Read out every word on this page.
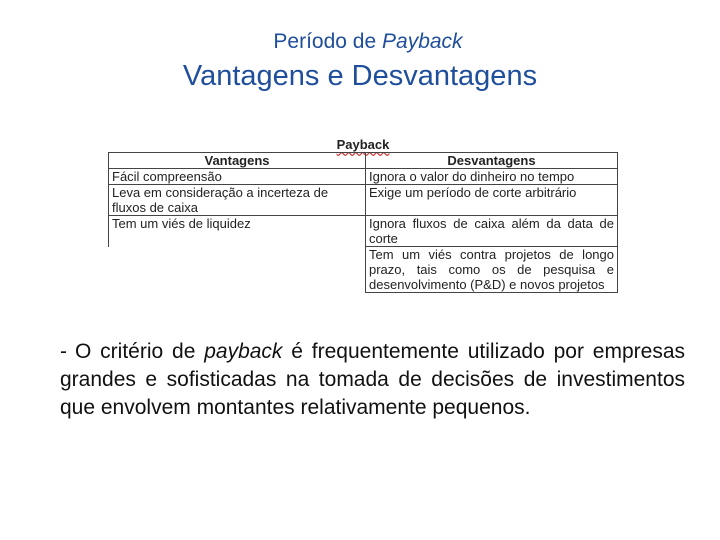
Período de Payback
Vantagens e Desvantagens
Payback
Vantagens	Desvantagens
Fácil compreensão	Ignora o valor do dinheiro no tempo
Leva em consideração a incerteza de fluxos de caixa	Exige um período de corte arbitrário
Tem um viés de liquidez	Ignora fluxos de caixa além da data de corte
	Tem um viés contra projetos de longo prazo, tais como os de pesquisa e desenvolvimento (P&D) e novos projetos
- O critério de payback é frequentemente utilizado por empresas grandes e sofisticadas na tomada de decisões de investimentos que envolvem montantes relativamente pequenos.
